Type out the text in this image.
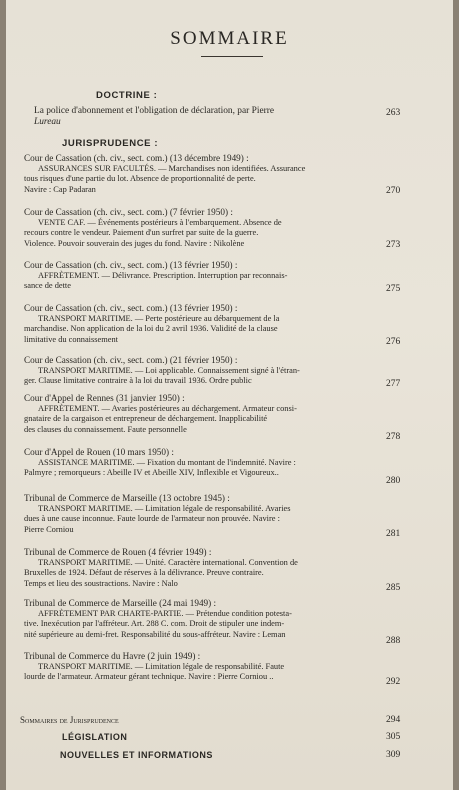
SOMMAIRE
DOCTRINE :
La police d'abonnement et l'obligation de déclaration, par Pierre
Lureau
263
JURISPRUDENCE :
Cour de Cassation (ch. civ., sect. com.) (13 décembre 1949) :
ASSURANCES SUR FACULTÉS. — Marchandises non identifiées. Assurance
tous risques d'une partie du lot. Absence de proportionnalité de perte.
Navire : Cap Padaran	270
Cour de Cassation (ch. civ., sect. com.) (7 février 1950) :
VENTE CAF. — Événements postérieurs à l'embarquement. Absence de
recours contre le vendeur. Paiement d'un surfret par suite de la guerre.
Violence. Pouvoir souverain des juges du fond. Navire : Nikolène	273
Cour de Cassation (ch. civ., sect. com.) (13 février 1950) :
AFFRÈTEMENT. — Délivrance. Prescription. Interruption par reconnais-
sance de dette	275
Cour de Cassation (ch. civ., sect. com.) (13 février 1950) :
TRANSPORT MARITIME. — Perte postérieure au débarquement de la
marchandise. Non application de la loi du 2 avril 1936. Validité de la clause
limitative du connaissement	276
Cour de Cassation (ch. civ., sect. com.) (21 février 1950) :
TRANSPORT MARITIME. — Loi applicable. Connaissement signé à l'étran-
ger. Clause limitative contraire à la loi du travail 1936. Ordre public	277
Cour d'Appel de Rennes (31 janvier 1950) :
AFFRÈTEMENT. — Avaries postérieures au déchargement. Armateur consi-
gnataire de la cargaison et entrepreneur de déchargement. Inapplicabilité
des clauses du connaissement. Faute personnelle
278
Cour d'Appel de Rouen (10 mars 1950) :
ASSISTANCE MARITIME. — Fixation du montant de l'indemnité. Navire :
Palmyre ; remorqueurs : Abeille IV et Abeille XIV, Inflexible et Vigoureux..
280
Tribunal de Commerce de Marseille (13 octobre 1945) :
TRANSPORT MARITIME. — Limitation légale de responsabilité. Avaries
dues à une cause inconnue. Faute lourde de l'armateur non prouvée. Navire :
Pierre Corniou	281
Tribunal de Commerce de Rouen (4 février 1949) :
TRANSPORT MARITIME. — Unité. Caractère international. Convention de
Bruxelles de 1924. Défaut de réserves à la délivrance. Preuve contraire.
Temps et lieu des soustractions. Navire : Nalo	285
Tribunal de Commerce de Marseille (24 mai 1949) :
AFFRÈTEMENT PAR CHARTE-PARTIE. — Prétendue condition potesta-
tive. Inexécution par l'affréteur. Art. 288 C. com. Droit de stipuler une indem-
nité supérieure au demi-fret. Responsabilité du sous-affréteur. Navire : Leman
288
Tribunal de Commerce du Havre (2 juin 1949) :
TRANSPORT MARITIME. — Limitation légale de responsabilité. Faute
lourde de l'armateur. Armateur gérant technique. Navire : Pierre Corniou ..
292
Sommaires de Jurisprudence	294
LÉGISLATION	305
NOUVELLES ET INFORMATIONS	309
